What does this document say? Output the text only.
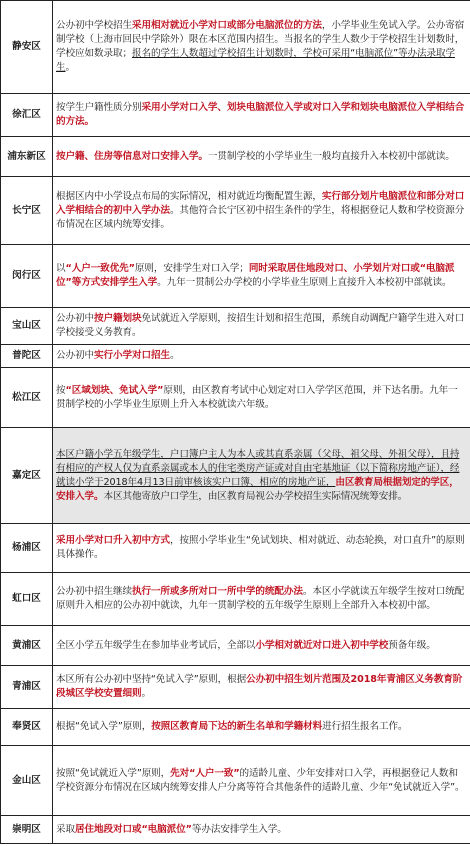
静安区	公办初中学校招生采用相对就近小学对口或部分电脑派位的方法，小学毕业生免试入学。公办寄宿制学校（上海市回民中学除外）限在本区范围内招生。当报名的学生人数少于学校招生计划数时，学校应如数录取；报名的学生人数超过学校招生计划数时，学校可采用“电脑派位”等办法录取学生。
徐汇区	按学生户籍性质分别采用小学对口入学、划块电脑派位入学或对口入学和划块电脑派位入学相结合的方法。
浦东新区	按户籍、住房等信息对口安排入学。一贯制学校的小学毕业生一般均直接升入本校初中部就读。
长宁区	根据区内中小学设点布局的实际情况，相对就近均衡配置生源，实行部分划片电脑派位和部分对口入学相结合的初中入学办法。其他符合长宁区初中招生条件的学生，将根据登记人数和学校资源分布情况在区域内统筹安排。
闵行区	以“人户一致优先”原则，安排学生对口入学；同时采取居住地段对口、小学划片对口或“电脑派位”等方式安排学生入学。九年一贯制公办学校的小学毕业生原则上直接升入本校初中部就读。
宝山区	公办初中按户籍划块免试就近入学原则，按招生计划和招生范围，系统自动调配户籍学生进入对口学校接受义务教育。
普陀区	公办初中实行小学对口招生。
松江区	按“区域划块、免试入学”原则，由区教育考试中心划定对口入学学区范围，并下达名册。九年一贯制学校的小学毕业生原则上升入本校就读六年级。
嘉定区	本区户籍小学五年级学生，户口簿户主人为本人或其直系亲属（父母、祖父母、外祖父母），且持有相应的产权人仅为直系亲属或本人的住宅类房产证或对自由宅基地证（以下简称房地产证），经就读小学于2018年4月13日前审核该实户口簿、相应的房地产证，由区教育局根据划定的学区，安排入学。本区其他寄放户口学生，由区教育局视公办学校招生实际情况统筹安排。
杨浦区	采用小学对口升入初中方式，按照小学毕业生“免试划块、相对就近、动态轮换，对口直升”的原则具体操作。
虹口区	公办初中招生继续执行一所或多所对口一所中学的统配办法。本区小学就读五年级学生按对口统配原则升入相应的公办初中就读，九年一贯制学校的五年级学生原则上全部升入本校初中部。
黄浦区	全区小学五年级学生在参加毕业考试后，全部以小学相对就近对口进入初中学校预备年级。
青浦区	本区所有公办初中坚持“免试入学”原则，根据公办初中招生划片范围及2018年青浦区义务教育阶段城区学校安置细则。
奉贤区	根据“免试入学”原则，按照区教育局下达的新生名单和学籍材料进行招生报名工作。
金山区	按照“免试就近入学”原则，先对“人户一致”的适龄儿童、少年安排对口入学，再根据登记人数和学校资源分布情况在区域内统筹安排人户分离等符合其他条件的适龄儿童、少年“免试就近入学”。
崇明区	采取居住地段对口或“电脑派位”等办法安排学生入学。
